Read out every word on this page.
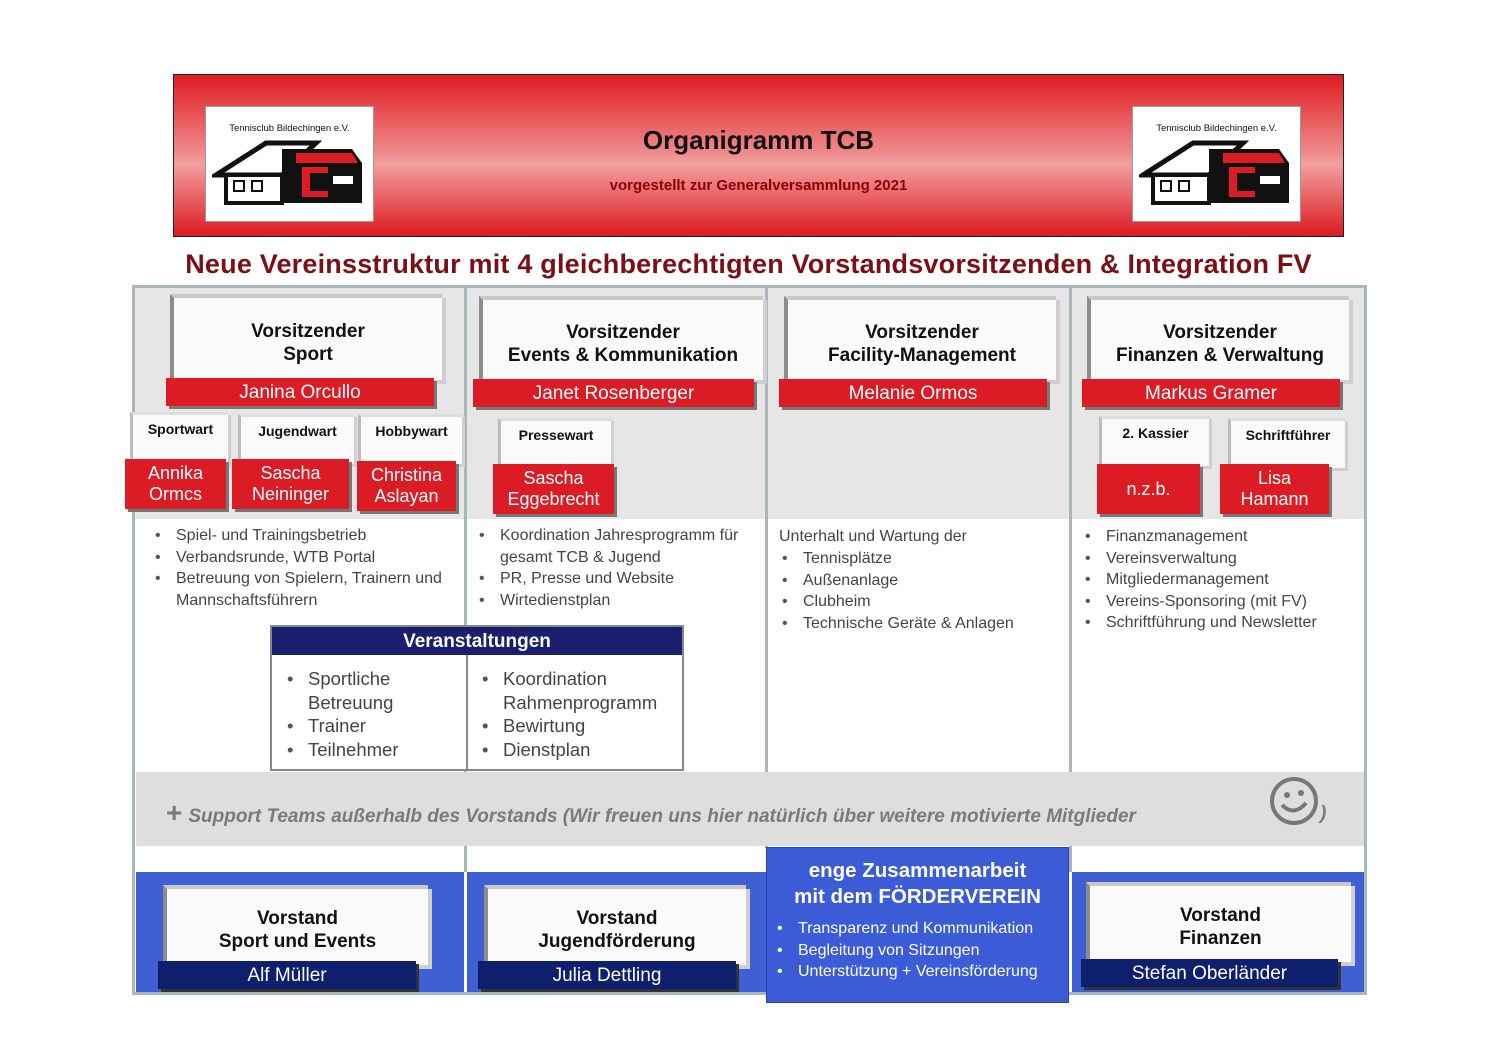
Tennisclub Bildechingen e.V.	Tennisclub Bildechingen e.V.
Organigramm TCB
vorgestellt zur Generalversammlung 2021
Neue Vereinsstruktur mit 4 gleichberechtigten Vorstandsvorsitzenden & Integration FV
Vorsitzender
Sport
Janina Orcullo
Sportwart	Jugendwart	Hobbywart
Annika
Ormcs
Sascha
Neininger
Christina
Aslayan
• Spiel- und Trainingsbetrieb
• Verbandsrunde, WTB Portal
• Betreuung von Spielern, Trainern und Mannschaftsführern
Vorsitzender
Events & Kommunikation
Janet Rosenberger
Pressewart
Sascha
Eggebrecht
• Koordination Jahresprogramm für gesamt TCB & Jugend
• PR, Presse und Website
• Wirtedienstplan
Vorsitzender
Facility-Management
Melanie Ormos
Unterhalt und Wartung der
• Tennisplätze
• Außenanlage
• Clubheim
• Technische Geräte & Anlagen
Vorsitzender
Finanzen & Verwaltung
Markus Gramer
2. Kassier	Schriftführer
n.z.b.
Lisa
Hamann
• Finanzmanagement
• Vereinsverwaltung
• Mitgliedermanagement
• Vereins-Sponsoring (mit FV)
• Schriftführung und Newsletter
Veranstaltungen
• Sportliche Betreuung
• Trainer
• Teilnehmer
• Koordination Rahmenprogramm
• Bewirtung
• Dienstplan
+ Support Teams außerhalb des Vorstands (Wir freuen uns hier natürlich über weitere motivierte Mitglieder	)
Vorstand
Sport und Events
Alf Müller
Vorstand
Jugendförderung
Julia Dettling
Vorstand
Finanzen
Stefan Oberländer
enge Zusammenarbeit
mit dem FÖRDERVEREIN
• Transparenz und Kommunikation
• Begleitung von Sitzungen
• Unterstützung + Vereinsförderung
